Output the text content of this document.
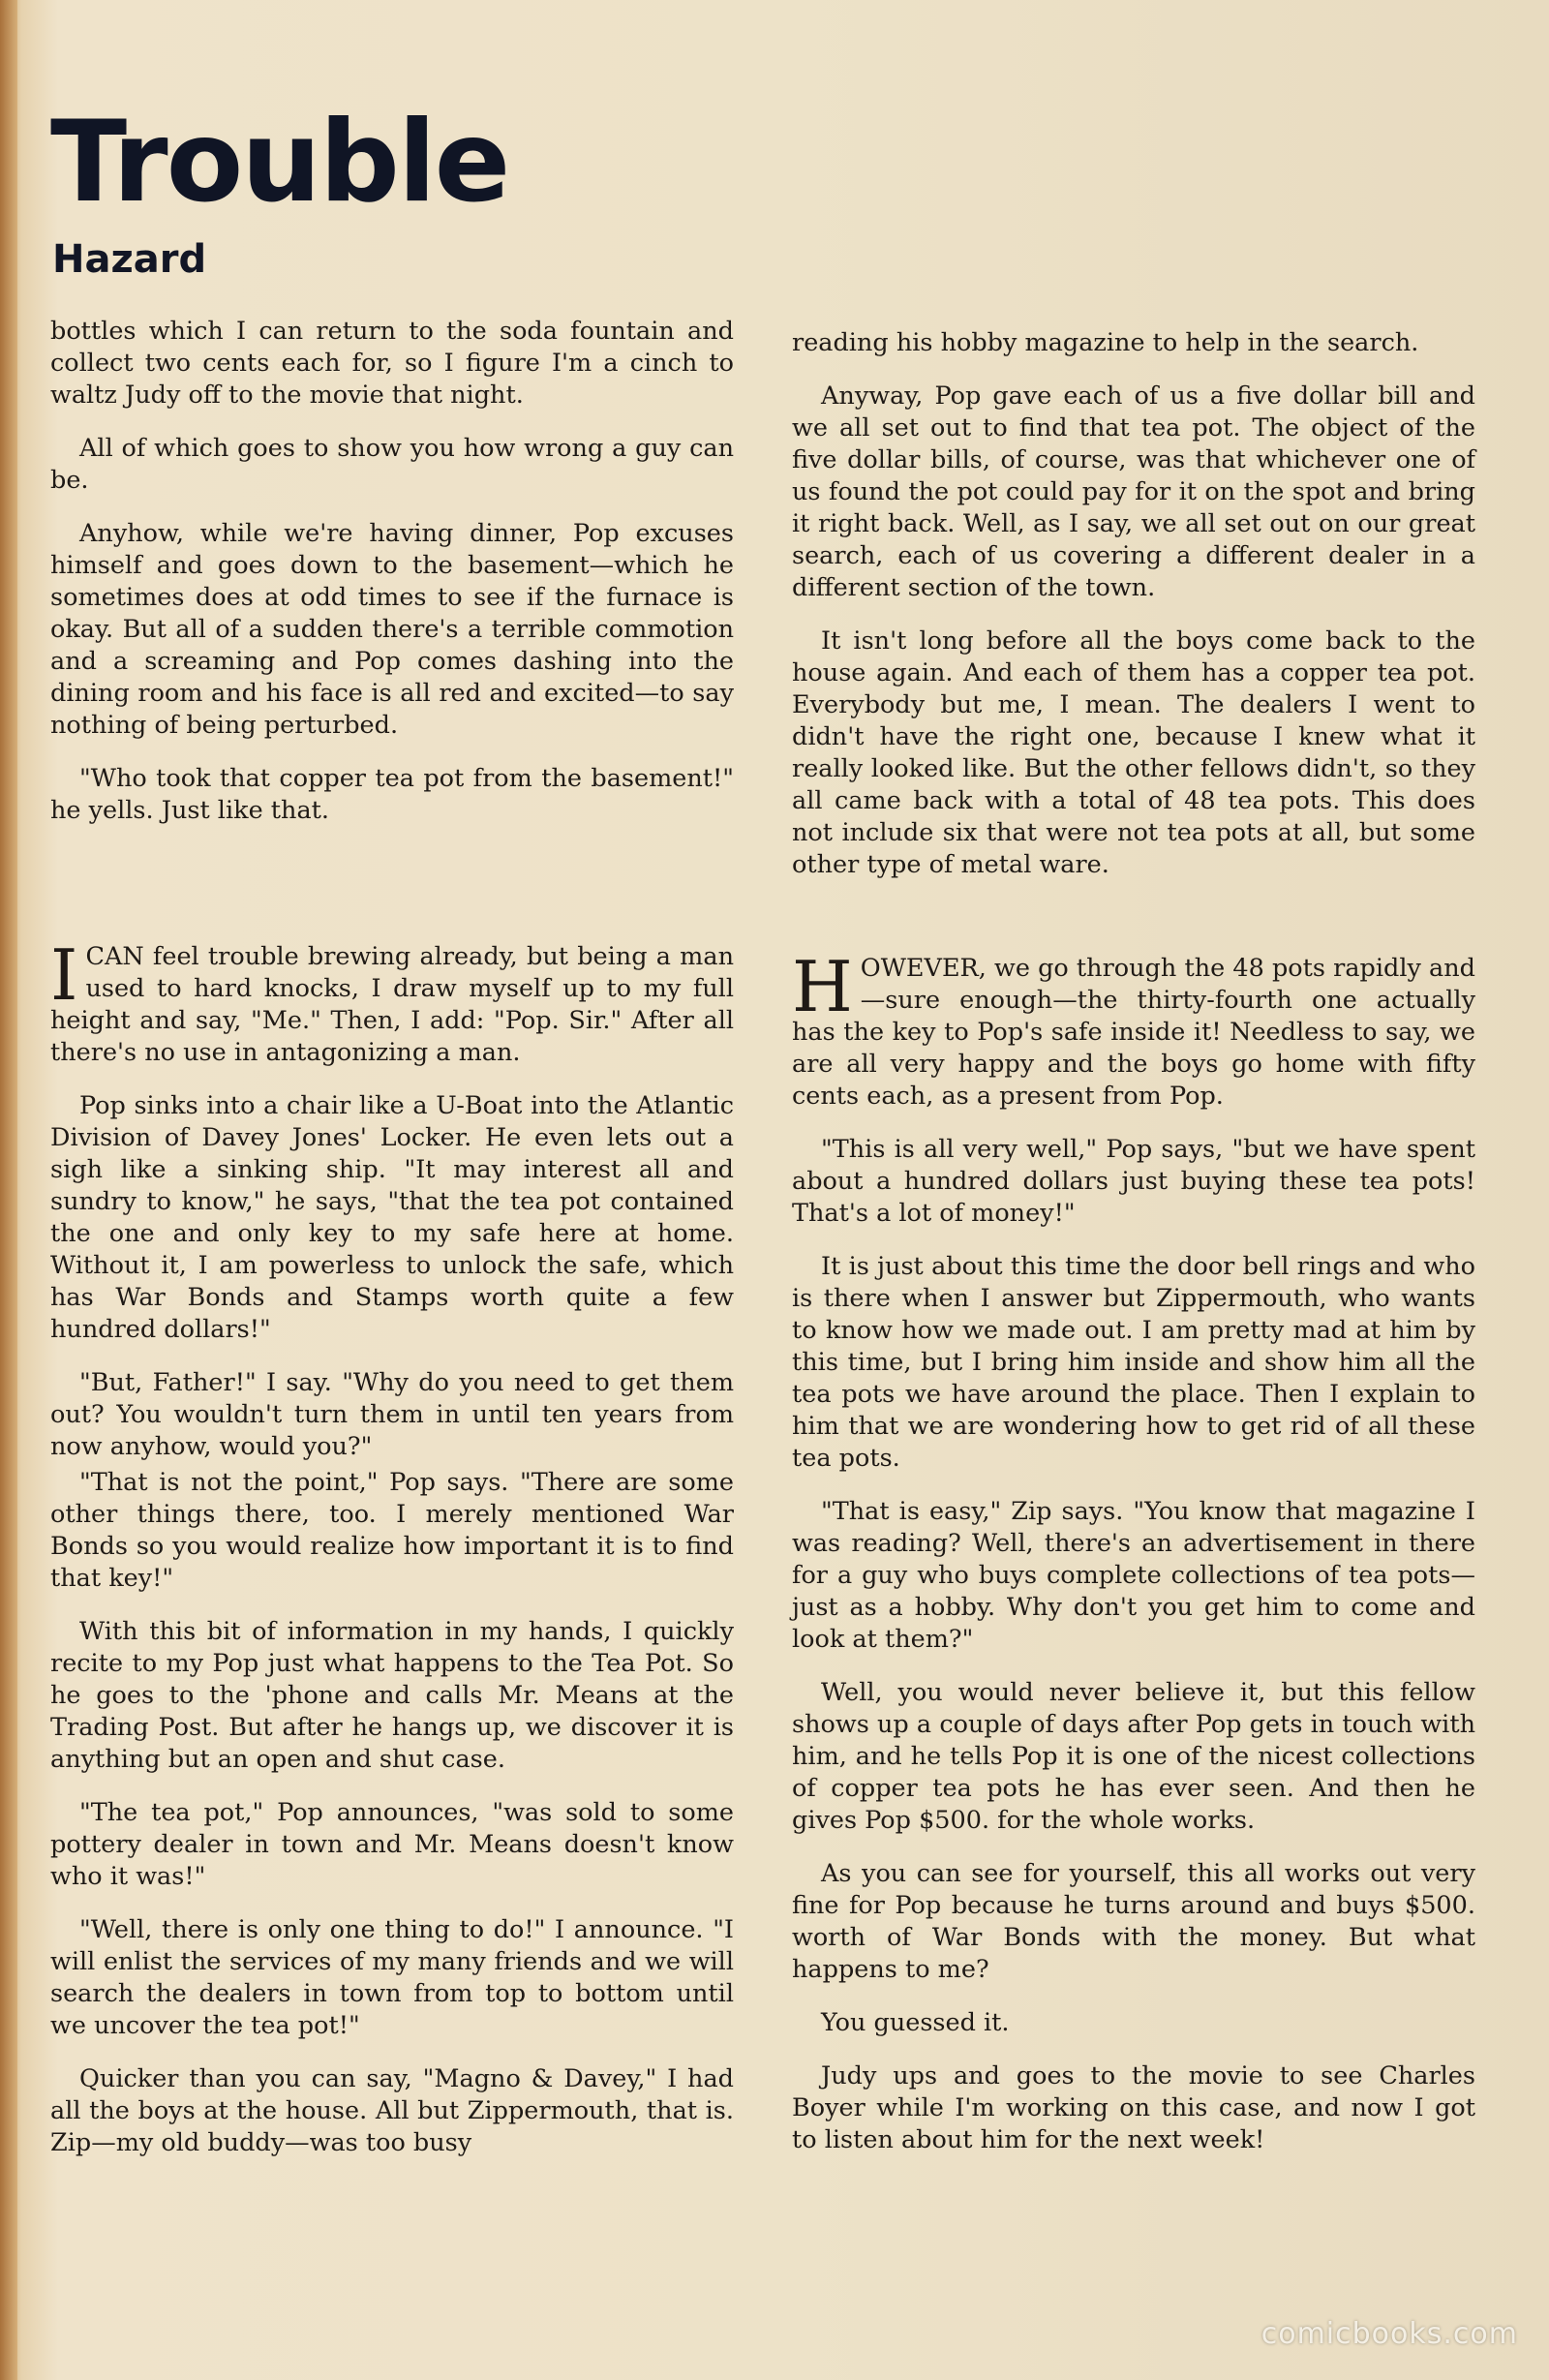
Trouble
Hazard

bottles which I can return to the soda fountain and collect two cents each for, so I figure I'm a cinch to waltz Judy off to the movie that night.

All of which goes to show you how wrong a guy can be.

Anyhow, while we're having dinner, Pop excuses himself and goes down to the basement—which he sometimes does at odd times to see if the furnace is okay. But all of a sudden there's a terrible commotion and a screaming and Pop comes dashing into the dining room and his face is all red and excited—to say nothing of being perturbed.

"Who took that copper tea pot from the basement!" he yells. Just like that.

I CAN feel trouble brewing already, but being a man used to hard knocks, I draw myself up to my full height and say, "Me." Then, I add: "Pop. Sir." After all there's no use in antagonizing a man.

Pop sinks into a chair like a U-Boat into the Atlantic Division of Davey Jones' Locker. He even lets out a sigh like a sinking ship. "It may interest all and sundry to know," he says, "that the tea pot contained the one and only key to my safe here at home. Without it, I am powerless to unlock the safe, which has War Bonds and Stamps worth quite a few hundred dollars!"

"But, Father!" I say. "Why do you need to get them out? You wouldn't turn them in until ten years from now anyhow, would you?"

"That is not the point," Pop says. "There are some other things there, too. I merely mentioned War Bonds so you would realize how important it is to find that key!"

With this bit of information in my hands, I quickly recite to my Pop just what happens to the Tea Pot. So he goes to the 'phone and calls Mr. Means at the Trading Post. But after he hangs up, we discover it is anything but an open and shut case.

"The tea pot," Pop announces, "was sold to some pottery dealer in town and Mr. Means doesn't know who it was!"

"Well, there is only one thing to do!" I announce. "I will enlist the services of my many friends and we will search the dealers in town from top to bottom until we uncover the tea pot!"

Quicker than you can say, "Magno & Davey," I had all the boys at the house. All but Zippermouth, that is. Zip—my old buddy—was too busy

reading his hobby magazine to help in the search.

Anyway, Pop gave each of us a five dollar bill and we all set out to find that tea pot. The object of the five dollar bills, of course, was that whichever one of us found the pot could pay for it on the spot and bring it right back. Well, as I say, we all set out on our great search, each of us covering a different dealer in a different section of the town.

It isn't long before all the boys come back to the house again. And each of them has a copper tea pot. Everybody but me, I mean. The dealers I went to didn't have the right one, because I knew what it really looked like. But the other fellows didn't, so they all came back with a total of 48 tea pots. This does not include six that were not tea pots at all, but some other type of metal ware.

HOWEVER, we go through the 48 pots rapidly and—sure enough—the thirty-fourth one actually has the key to Pop's safe inside it! Needless to say, we are all very happy and the boys go home with fifty cents each, as a present from Pop.

"This is all very well," Pop says, "but we have spent about a hundred dollars just buying these tea pots! That's a lot of money!"

It is just about this time the door bell rings and who is there when I answer but Zippermouth, who wants to know how we made out. I am pretty mad at him by this time, but I bring him inside and show him all the tea pots we have around the place. Then I explain to him that we are wondering how to get rid of all these tea pots.

"That is easy," Zip says. "You know that magazine I was reading? Well, there's an advertisement in there for a guy who buys complete collections of tea pots—just as a hobby. Why don't you get him to come and look at them?"

Well, you would never believe it, but this fellow shows up a couple of days after Pop gets in touch with him, and he tells Pop it is one of the nicest collections of copper tea pots he has ever seen. And then he gives Pop $500. for the whole works.

As you can see for yourself, this all works out very fine for Pop because he turns around and buys $500. worth of War Bonds with the money. But what happens to me?

You guessed it.

Judy ups and goes to the movie to see Charles Boyer while I'm working on this case, and now I got to listen about him for the next week!

comicbooks.com
